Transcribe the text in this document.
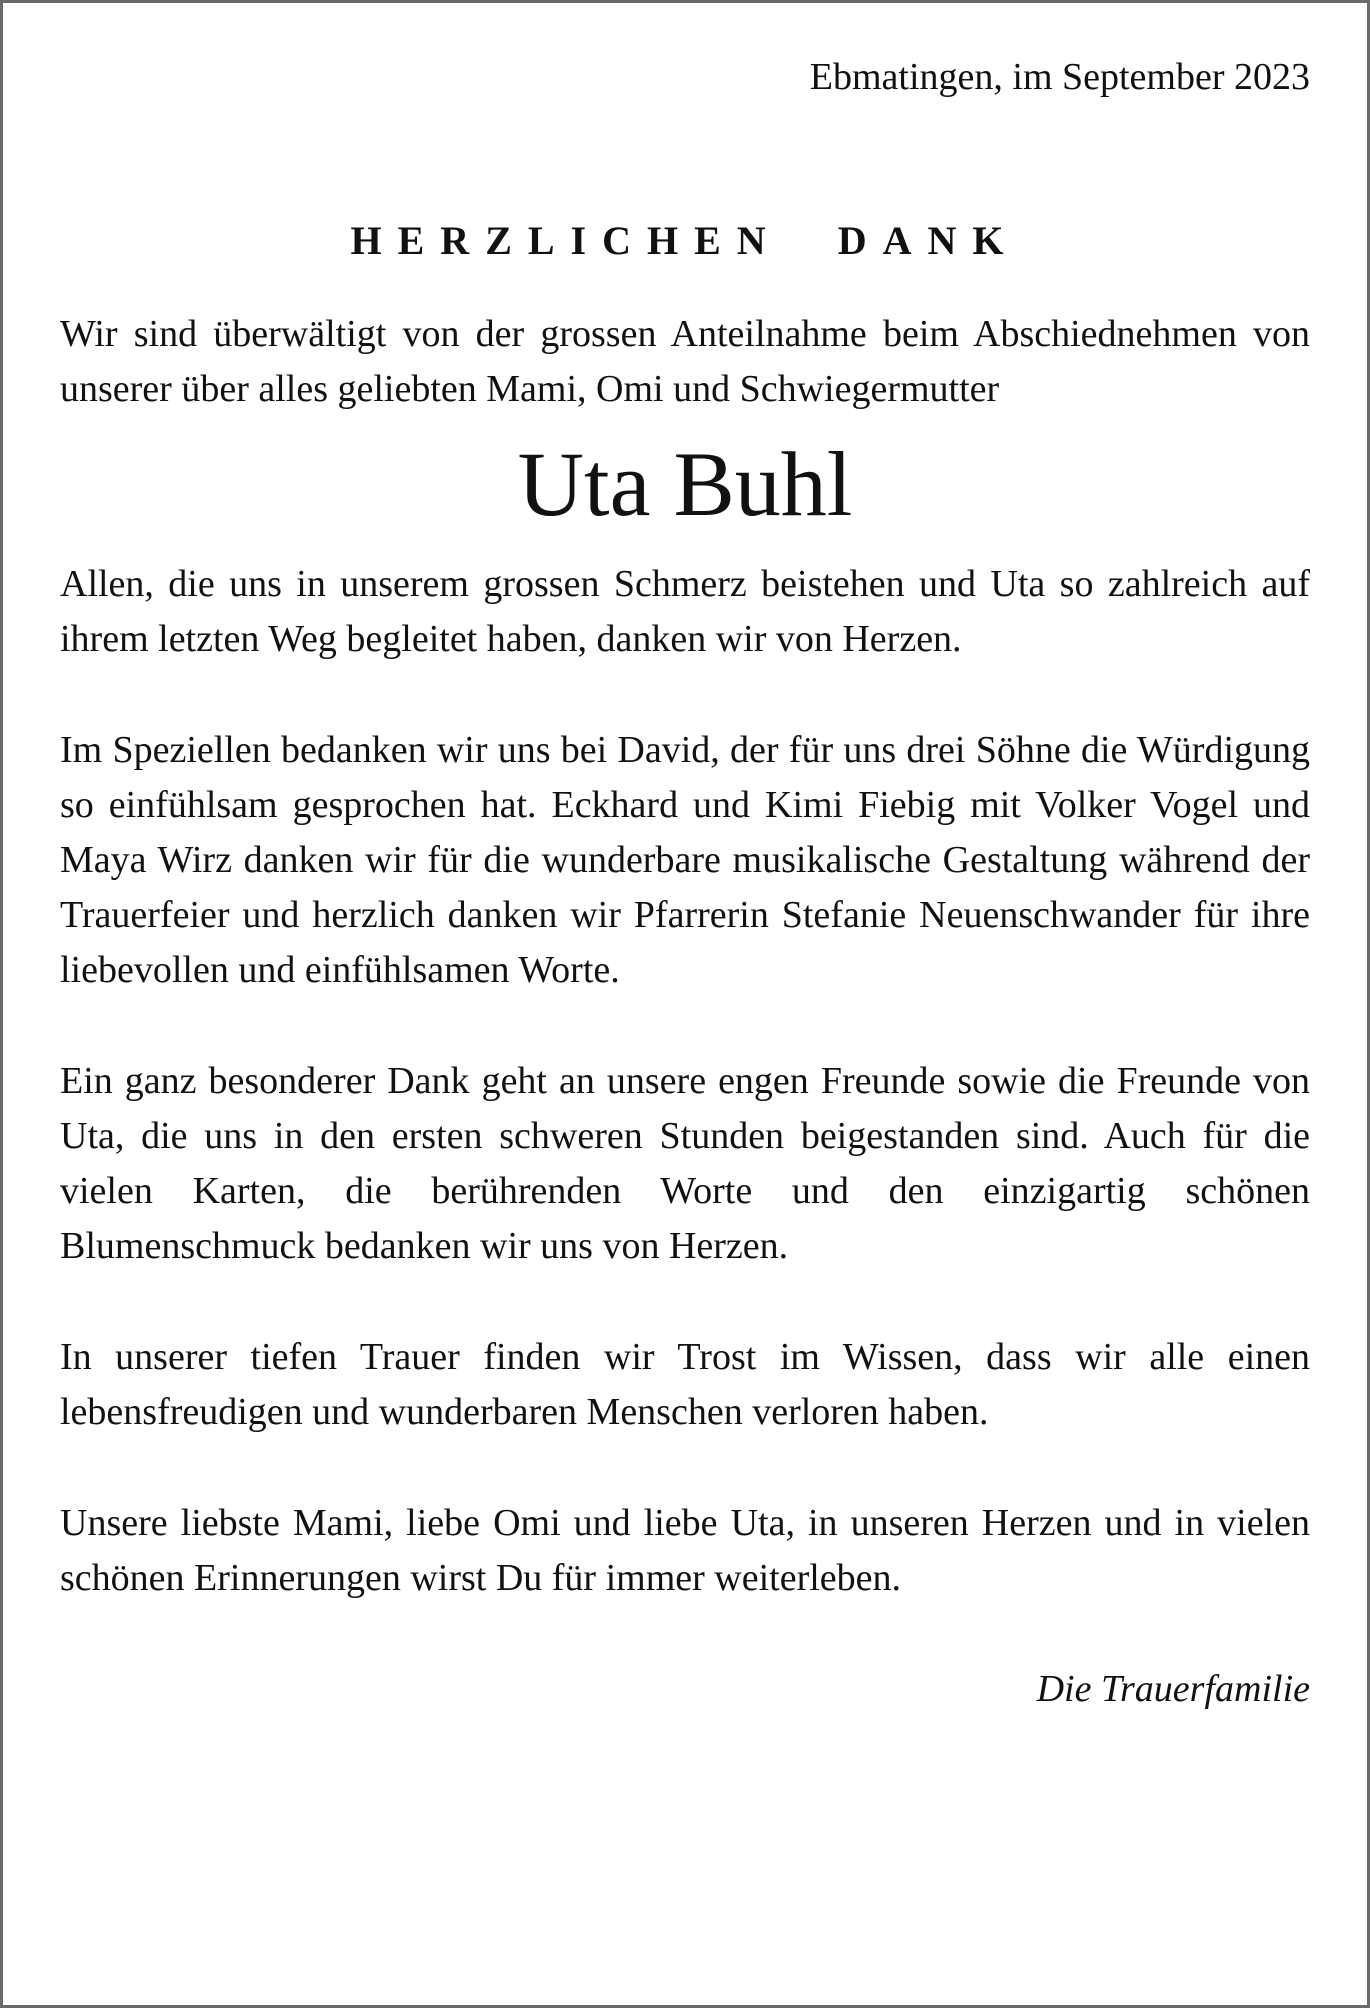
Ebmatingen, im September 2023

HERZLICHEN DANK

Wir sind überwältigt von der grossen Anteilnahme beim Abschiednehmen von unserer über alles geliebten Mami, Omi und Schwiegermutter

Uta Buhl

Allen, die uns in unserem grossen Schmerz beistehen und Uta so zahlreich auf ihrem letzten Weg begleitet haben, danken wir von Herzen.

Im Speziellen bedanken wir uns bei David, der für uns drei Söhne die Würdigung so einfühlsam gesprochen hat. Eckhard und Kimi Fiebig mit Volker Vogel und Maya Wirz danken wir für die wunderbare musikalische Gestaltung während der Trauerfeier und herzlich danken wir Pfarrerin Stefanie Neuenschwander für ihre liebevollen und einfühlsamen Worte.

Ein ganz besonderer Dank geht an unsere engen Freunde sowie die Freunde von Uta, die uns in den ersten schweren Stunden beigestanden sind. Auch für die vielen Karten, die berührenden Worte und den einzigartig schönen Blumenschmuck bedanken wir uns von Herzen.

In unserer tiefen Trauer finden wir Trost im Wissen, dass wir alle einen lebensfreudigen und wunderbaren Menschen verloren haben.

Unsere liebste Mami, liebe Omi und liebe Uta, in unseren Herzen und in vielen schönen Erinnerungen wirst Du für immer weiterleben.

Die Trauerfamilie
